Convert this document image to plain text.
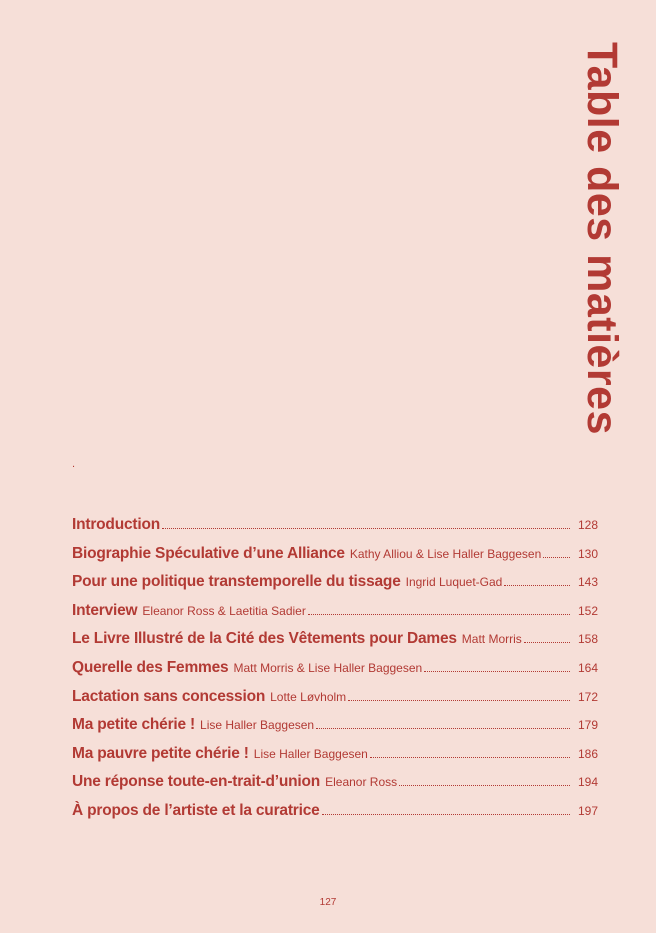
Table des matières
.
Introduction	128
Biographie Spéculative d’une Alliance Kathy Alliou & Lise Haller Baggesen	130
Pour une politique transtemporelle du tissage Ingrid Luquet-Gad	143
Interview Eleanor Ross & Laetitia Sadier	152
Le Livre Illustré de la Cité des Vêtements pour Dames Matt Morris	158
Querelle des Femmes Matt Morris & Lise Haller Baggesen	164
Lactation sans concession Lotte Løvholm	172
Ma petite chérie ! Lise Haller Baggesen	179
Ma pauvre petite chérie ! Lise Haller Baggesen	186
Une réponse toute-en-trait-d’union Eleanor Ross	194
À propos de l’artiste et la curatrice	197
127
